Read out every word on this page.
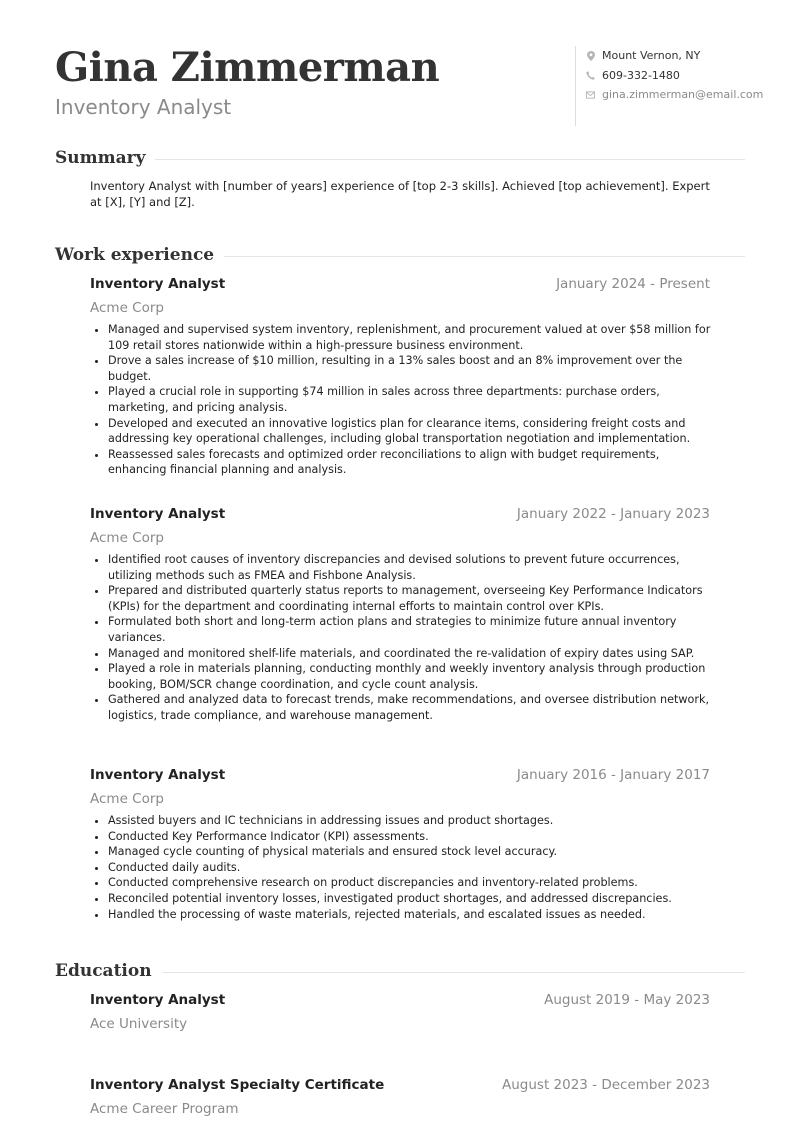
Gina Zimmerman
Inventory Analyst
Mount Vernon, NY
609-332-1480
gina.zimmerman@email.com
Summary

Inventory Analyst with [number of years] experience of [top 2-3 skills]. Achieved [top achievement]. Expert at [X], [Y] and [Z].

Work experience
Inventory Analyst	January 2024 - Present
Acme Corp
• Managed and supervised system inventory, replenishment, and procurement valued at over $58 million for 109 retail stores nationwide within a high-pressure business environment.
• Drove a sales increase of $10 million, resulting in a 13% sales boost and an 8% improvement over the budget.
• Played a crucial role in supporting $74 million in sales across three departments: purchase orders, marketing, and pricing analysis.
• Developed and executed an innovative logistics plan for clearance items, considering freight costs and addressing key operational challenges, including global transportation negotiation and implementation.
• Reassessed sales forecasts and optimized order reconciliations to align with budget requirements, enhancing financial planning and analysis.
Inventory Analyst	January 2022 - January 2023
Acme Corp
• Identified root causes of inventory discrepancies and devised solutions to prevent future occurrences, utilizing methods such as FMEA and Fishbone Analysis.
• Prepared and distributed quarterly status reports to management, overseeing Key Performance Indicators (KPIs) for the department and coordinating internal efforts to maintain control over KPIs.
• Formulated both short and long-term action plans and strategies to minimize future annual inventory variances.
• Managed and monitored shelf-life materials, and coordinated the re-validation of expiry dates using SAP.
• Played a role in materials planning, conducting monthly and weekly inventory analysis through production booking, BOM/SCR change coordination, and cycle count analysis.
• Gathered and analyzed data to forecast trends, make recommendations, and oversee distribution network, logistics, trade compliance, and warehouse management.
Inventory Analyst	January 2016 - January 2017
Acme Corp
• Assisted buyers and IC technicians in addressing issues and product shortages.
• Conducted Key Performance Indicator (KPI) assessments.
• Managed cycle counting of physical materials and ensured stock level accuracy.
• Conducted daily audits.
• Conducted comprehensive research on product discrepancies and inventory-related problems.
• Reconciled potential inventory losses, investigated product shortages, and addressed discrepancies.
• Handled the processing of waste materials, rejected materials, and escalated issues as needed.
Education
Inventory Analyst	August 2019 - May 2023
Ace University
Inventory Analyst Specialty Certificate	August 2023 - December 2023
Acme Career Program
